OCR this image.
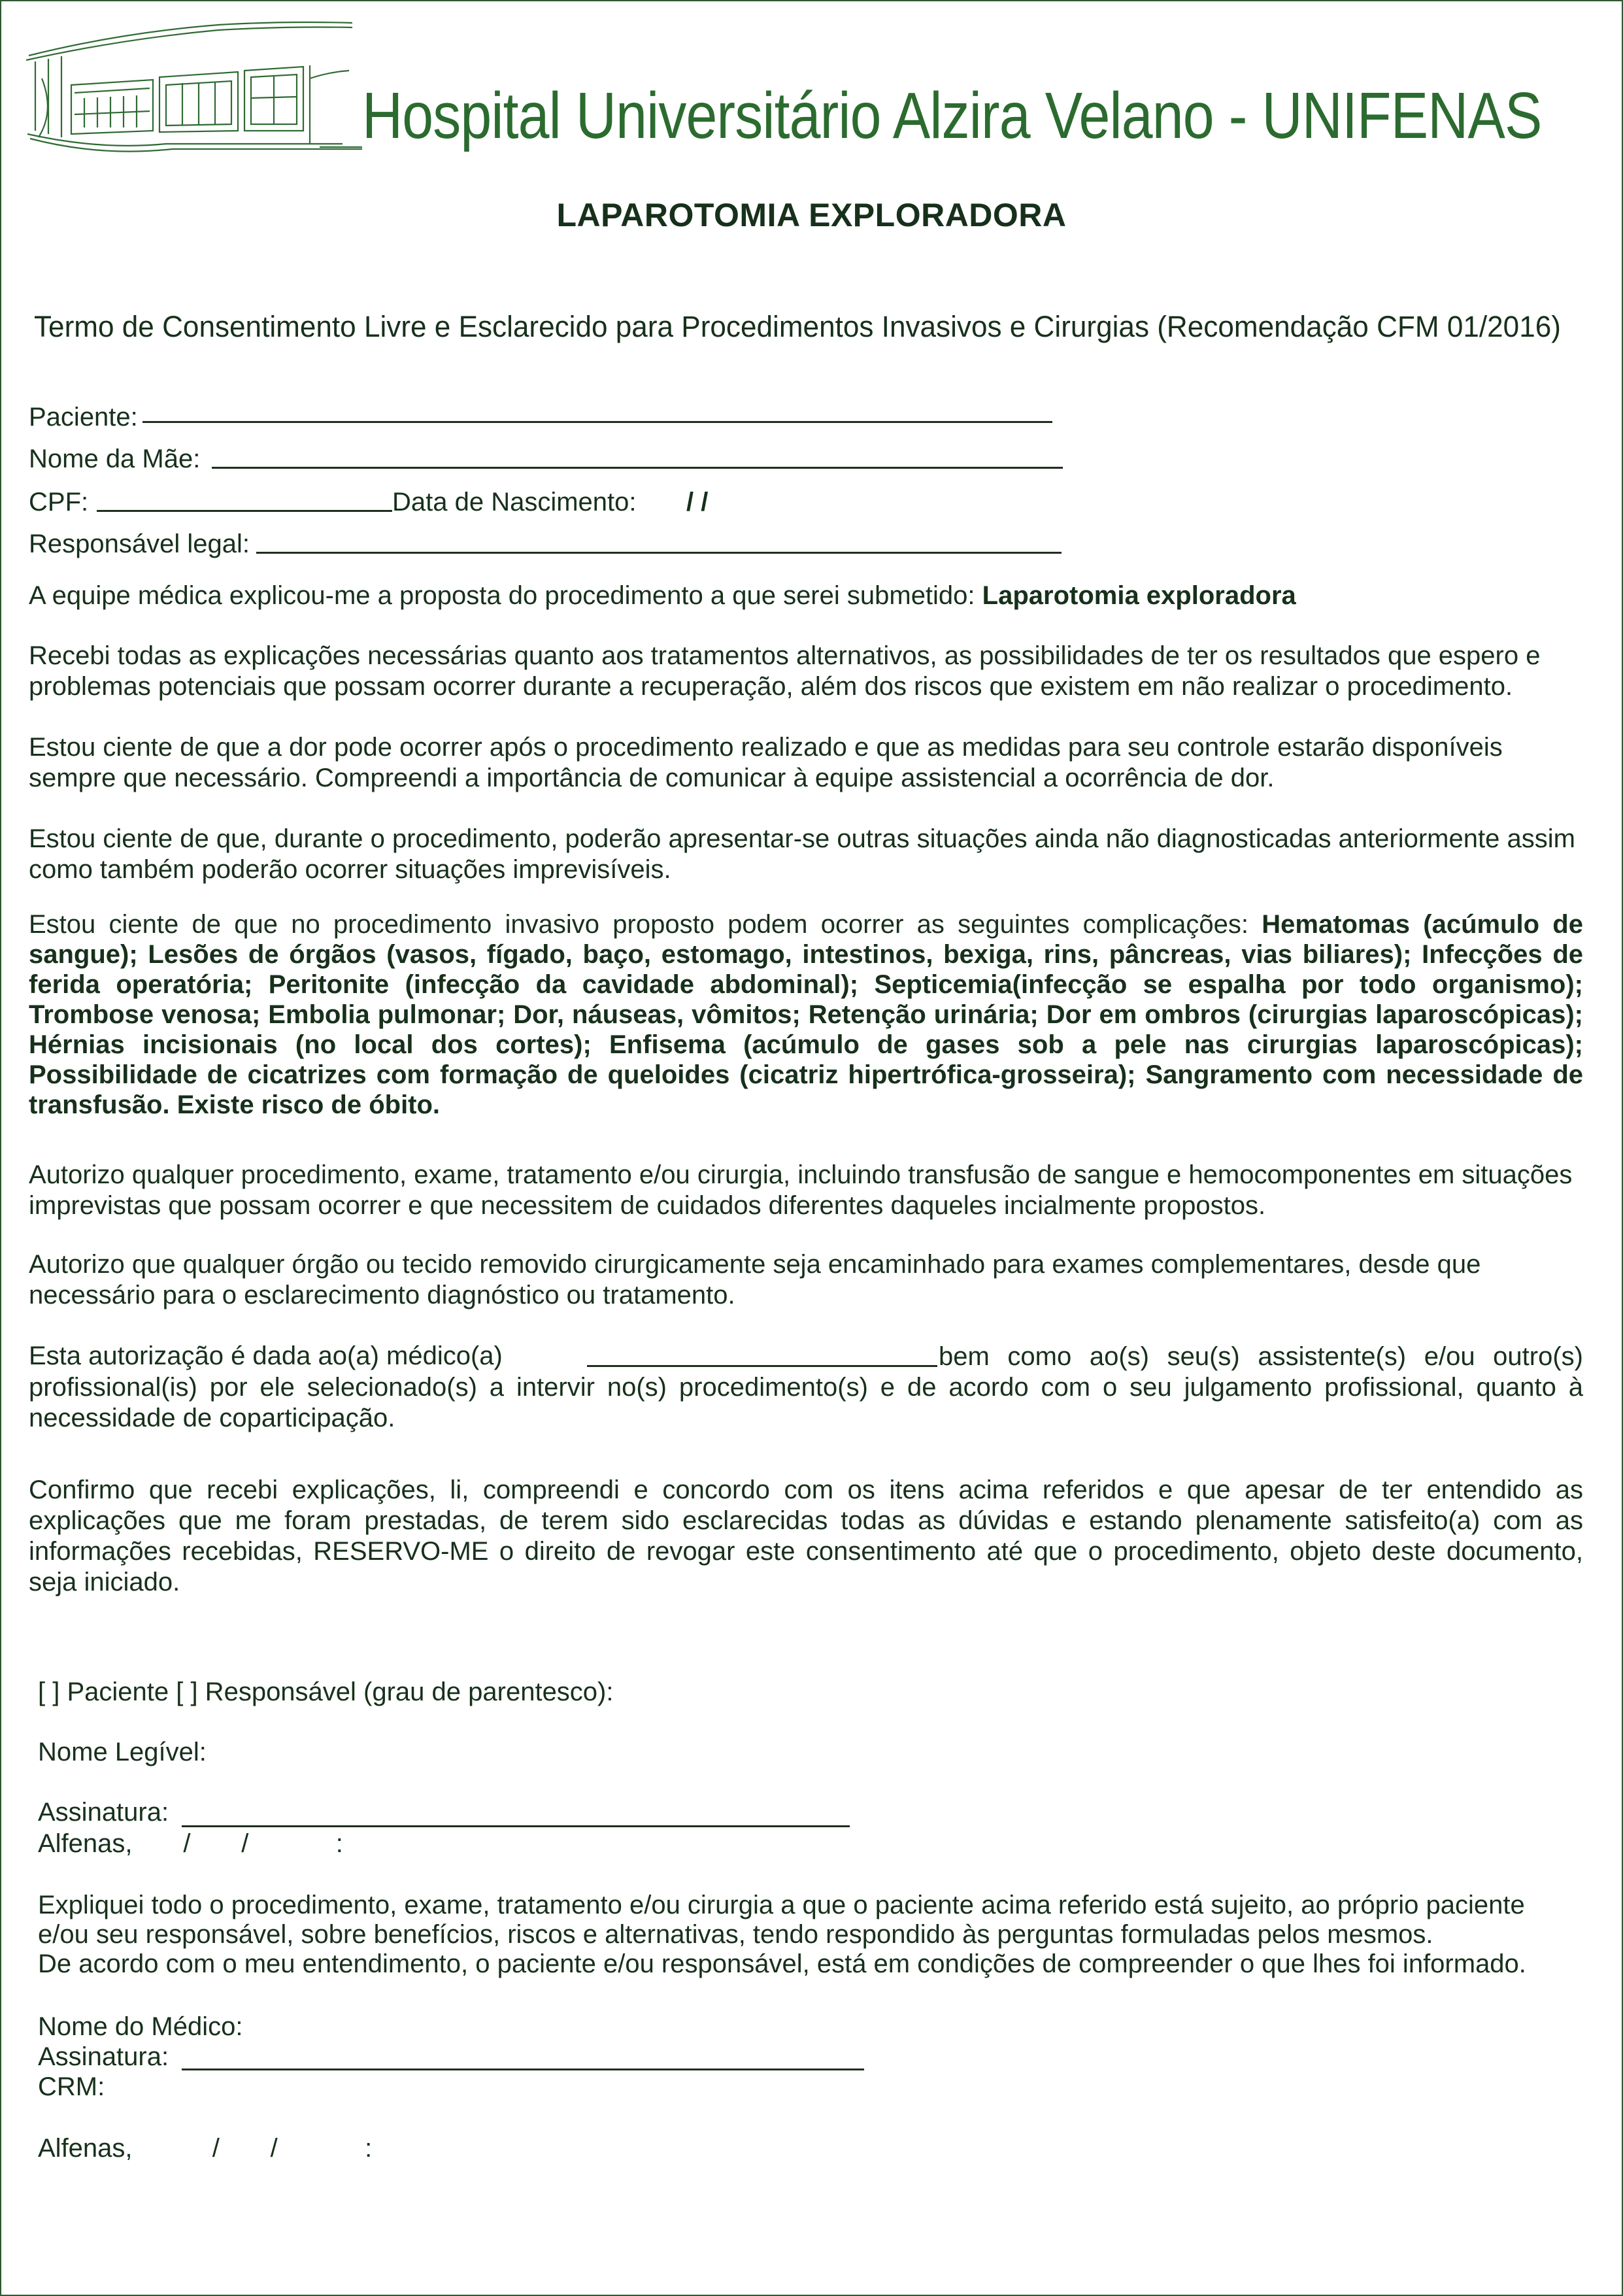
Hospital Universitário Alzira Velano - UNIFENAS
LAPAROTOMIA EXPLORADORA
Termo de Consentimento Livre e Esclarecido para Procedimentos Invasivos e Cirurgias (Recomendação CFM 01/2016)
Paciente:
Nome da Mãe:
CPF:	Data de Nascimento: / /
Responsável legal:

A equipe médica explicou-me a proposta do procedimento a que serei submetido: Laparotomia exploradora

Recebi todas as explicações necessárias quanto aos tratamentos alternativos, as possibilidades de ter os resultados que espero e problemas potenciais que possam ocorrer durante a recuperação, além dos riscos que existem em não realizar o procedimento.

Estou ciente de que a dor pode ocorrer após o procedimento realizado e que as medidas para seu controle estarão disponíveis sempre que necessário. Compreendi a importância de comunicar à equipe assistencial a ocorrência de dor.

Estou ciente de que, durante o procedimento, poderão apresentar-se outras situações ainda não diagnosticadas anteriormente assim como também poderão ocorrer situações imprevisíveis.

Estou ciente de que no procedimento invasivo proposto podem ocorrer as seguintes complicações: Hematomas (acúmulo de sangue); Lesões de órgãos (vasos, fígado, baço, estomago, intestinos, bexiga, rins, pâncreas, vias biliares); Infecções de ferida operatória; Peritonite (infecção da cavidade abdominal); Septicemia(infecção se espalha por todo organismo); Trombose venosa; Embolia pulmonar; Dor, náuseas, vômitos; Retenção urinária; Dor em ombros (cirurgias laparoscópicas); Hérnias incisionais (no local dos cortes); Enfisema (acúmulo de gases sob a pele nas cirurgias laparoscópicas); Possibilidade de cicatrizes com formação de queloides (cicatriz hipertrófica-grosseira); Sangramento com necessidade de transfusão. Existe risco de óbito.

Autorizo qualquer procedimento, exame, tratamento e/ou cirurgia, incluindo transfusão de sangue e hemocomponentes em situações imprevistas que possam ocorrer e que necessitem de cuidados diferentes daqueles incialmente propostos.

Autorizo que qualquer órgão ou tecido removido cirurgicamente seja encaminhado para exames complementares, desde que necessário para o esclarecimento diagnóstico ou tratamento.

Esta autorização é dada ao(a) médico(a)	bem como ao(s) seu(s) assistente(s) e/ou outro(s) profissional(is) por ele selecionado(s) a intervir no(s) procedimento(s) e de acordo com o seu julgamento profissional, quanto à necessidade de coparticipação.

Confirmo que recebi explicações, li, compreendi e concordo com os itens acima referidos e que apesar de ter entendido as explicações que me foram prestadas, de terem sido esclarecidas todas as dúvidas e estando plenamente satisfeito(a) com as informações recebidas, RESERVO-ME o direito de revogar este consentimento até que o procedimento, objeto deste documento, seja iniciado.

[ ] Paciente [ ] Responsável (grau de parentesco):
Nome Legível:
Assinatura:
Alfenas,       /       /            :
Expliquei todo o procedimento, exame, tratamento e/ou cirurgia a que o paciente acima referido está sujeito, ao próprio paciente
e/ou seu responsável, sobre benefícios, riscos e alternativas, tendo respondido às perguntas formuladas pelos mesmos.
De acordo com o meu entendimento, o paciente e/ou responsável, está em condições de compreender o que lhes foi informado.
Nome do Médico:
Assinatura:
CRM:
Alfenas,           /       /            :
